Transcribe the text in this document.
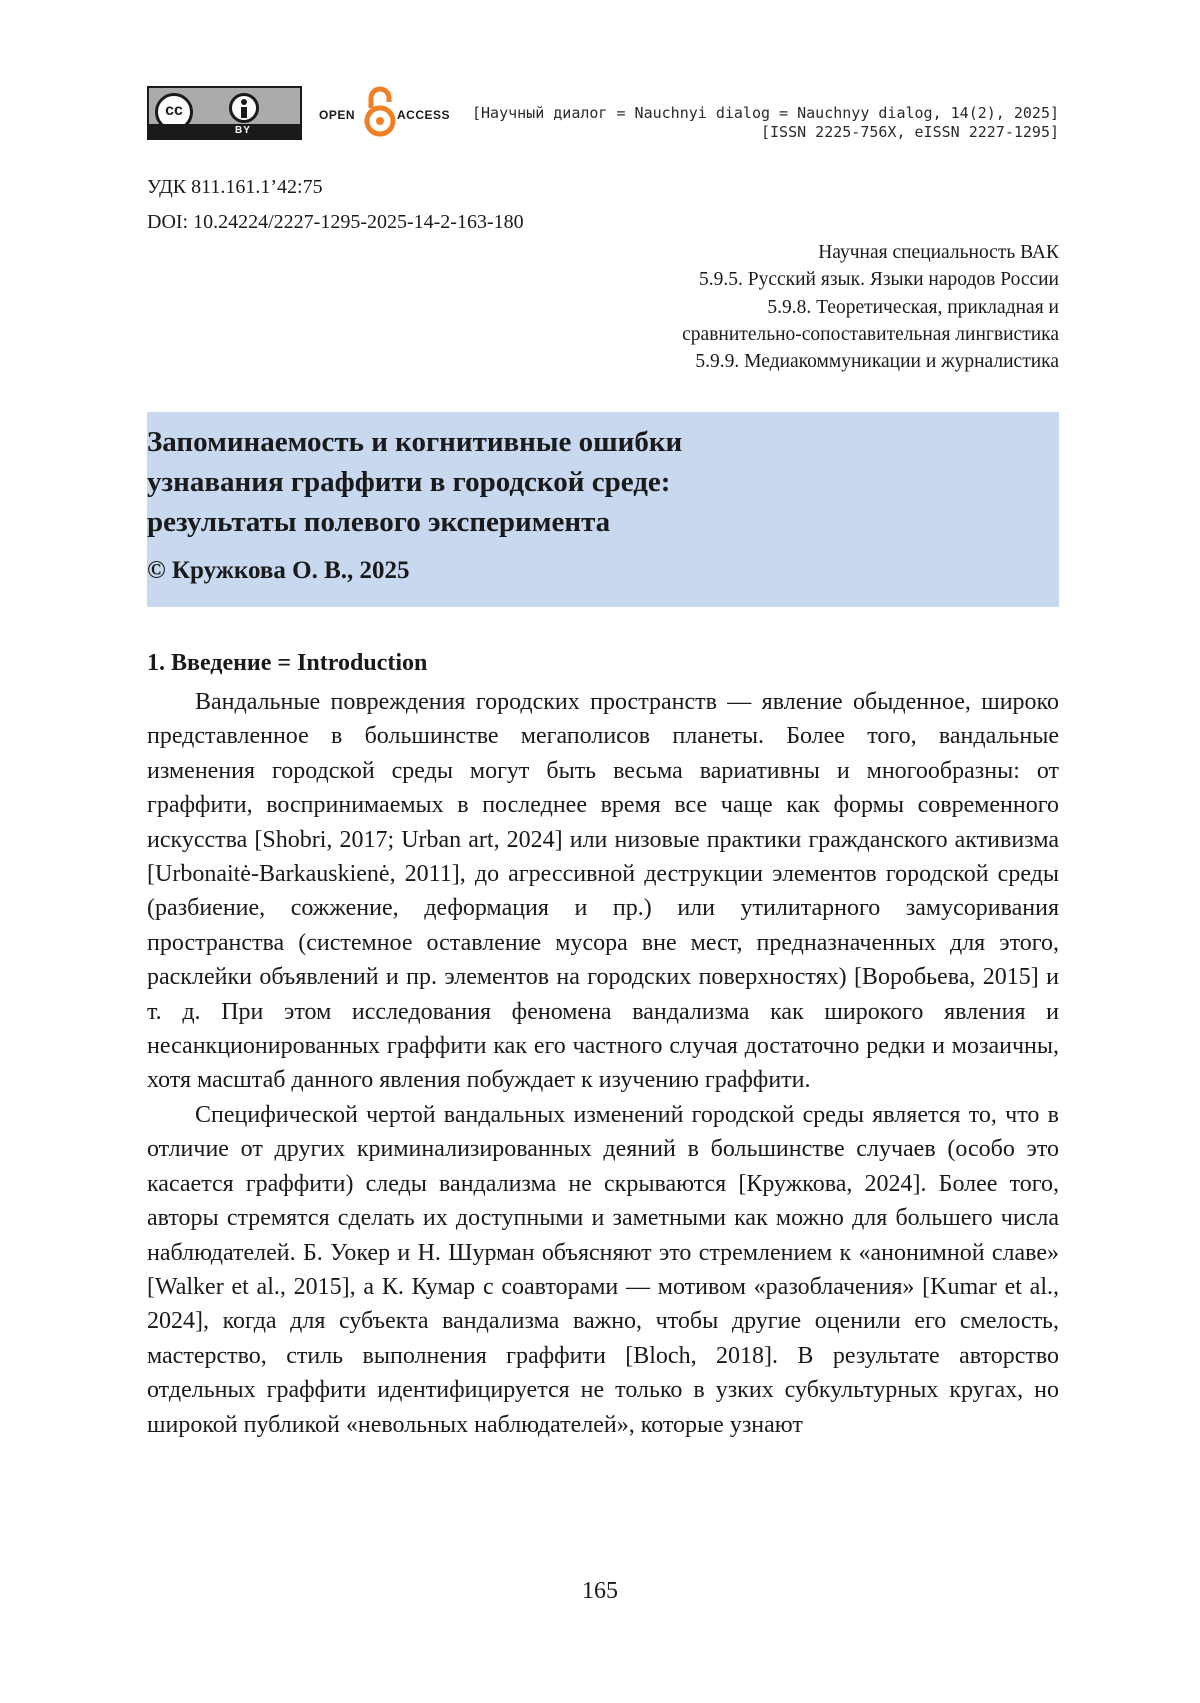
cc
BY
OPEN	ACCESS [Научный диалог = Nauchnyi dialog = Nauchnyy dialog, 14(2), 2025]
[ISSN 2225-756X, eISSN 2227-1295]
УДК 811.161.1’42:75
DOI: 10.24224/2227-1295-2025-14-2-163-180
Научная специальность ВАК
5.9.5. Русский язык. Языки народов России
5.9.8. Теоретическая, прикладная и
сравнительно-сопоставительная лингвистика
5.9.9. Медиакоммуникации и журналистика
Запоминаемость и когнитивные ошибки
узнавания граффити в городской среде:
результаты полевого эксперимента
© Кружкова О. В., 2025
1. Введение = Introduction

Вандальные повреждения городских пространств — явление обыденное, широко представленное в большинстве мегаполисов планеты. Более того, вандальные изменения городской среды могут быть весьма вариативны и многообразны: от граффити, воспринимаемых в последнее время все чаще как формы современного искусства [Shobri, 2017; Urban art, 2024] или низовые практики гражданского активизма [Urbonaitė-Barkauskienė, 2011], до агрессивной деструкции элементов городской среды (разбиение, сожжение, деформация и пр.) или утилитарного замусоривания пространства (системное оставление мусора вне мест, предназначенных для этого, расклейки объявлений и пр. элементов на городских поверхностях) [Воробьева, 2015] и т. д. При этом исследования феномена вандализма как широкого явления и несанкционированных граффити как его частного случая достаточно редки и мозаичны, хотя масштаб данного явления побуждает к изучению граффити.

Специфической чертой вандальных изменений городской среды является то, что в отличие от других криминализированных деяний в большинстве случаев (особо это касается граффити) следы вандализма не скрываются [Кружкова, 2024]. Более того, авторы стремятся сделать их доступными и заметными как можно для большего числа наблюдателей. Б. Уокер и Н. Шурман объясняют это стремлением к «анонимной славе» [Walker et al., 2015], а К. Кумар с соавторами — мотивом «разоблачения» [Kumar et al., 2024], когда для субъекта вандализма важно, чтобы другие оценили его смелость, мастерство, стиль выполнения граффити [Bloch, 2018]. В результате авторство отдельных граффити идентифицируется не только в узких субкультурных кругах, но широкой публикой «невольных наблюдателей», которые узнают

165
